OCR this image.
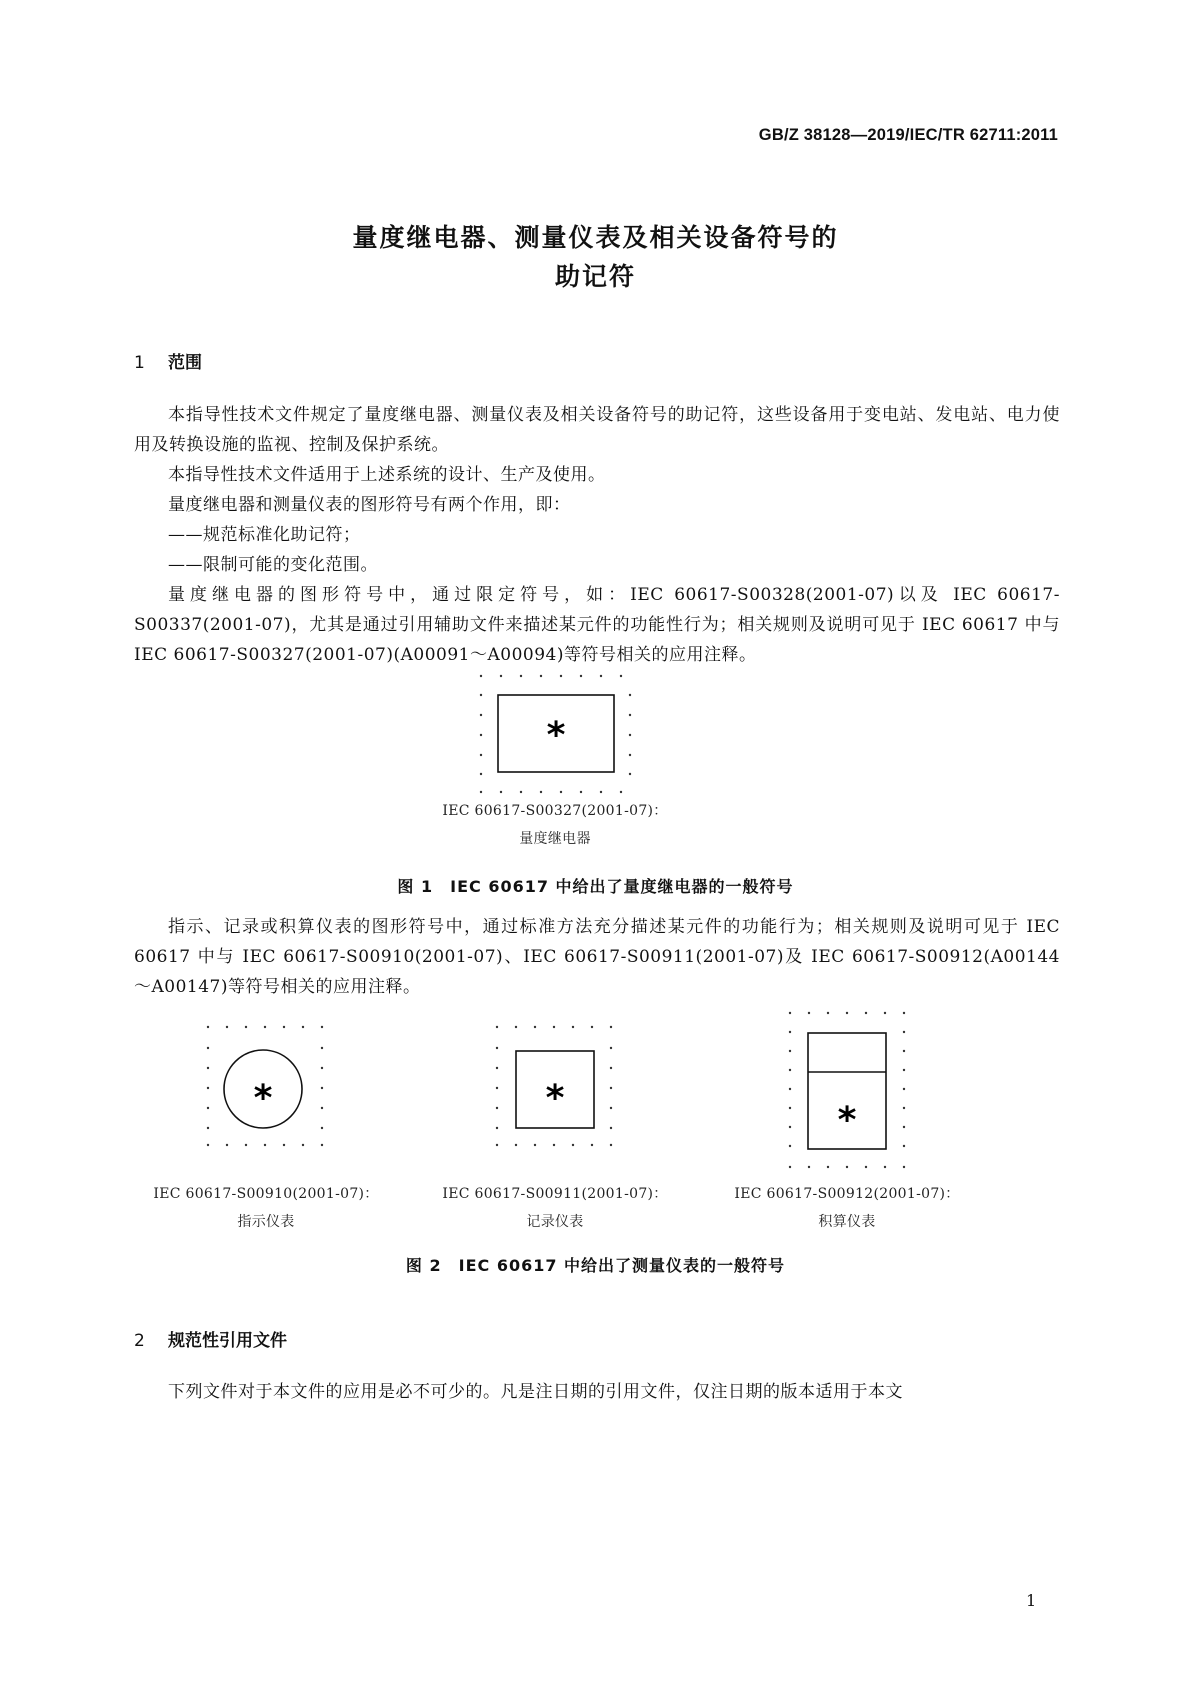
GB/Z 38128—2019/IEC/TR 62711:2011
量度继电器、测量仪表及相关设备符号的
助记符
1 范围

本指导性技术文件规定了量度继电器、测量仪表及相关设备符号的助记符，这些设备用于变电站、发电站、电力使用及转换设施的监视、控制及保护系统。

本指导性技术文件适用于上述系统的设计、生产及使用。

量度继电器和测量仪表的图形符号有两个作用，即：

——规范标准化助记符；

——限制可能的变化范围。

量度继电器的图形符号中，通过限定符号，如：IEC 60617-S00328(2001-07)以及 IEC 60617-S00337(2001-07)，尤其是通过引用辅助文件来描述某元件的功能性行为；相关规则及说明可见于 IEC 60617 中与 IEC 60617-S00327(2001-07)(A00091～A00094)等符号相关的应用注释。

*
IEC 60617-S00327(2001-07)：
量度继电器
图 1　IEC 60617 中给出了量度继电器的一般符号

指示、记录或积算仪表的图形符号中，通过标准方法充分描述某元件的功能行为；相关规则及说明可见于 IEC 60617 中与 IEC 60617-S00910(2001-07)、IEC 60617-S00911(2001-07)及 IEC 60617-S00912(A00144～A00147)等符号相关的应用注释。

*	*
*
IEC 60617-S00910(2001-07)：
指示仪表
IEC 60617-S00911(2001-07)：
记录仪表
IEC 60617-S00912(2001-07)：
积算仪表
图 2　IEC 60617 中给出了测量仪表的一般符号
2 规范性引用文件

下列文件对于本文件的应用是必不可少的。凡是注日期的引用文件，仅注日期的版本适用于本文

1
